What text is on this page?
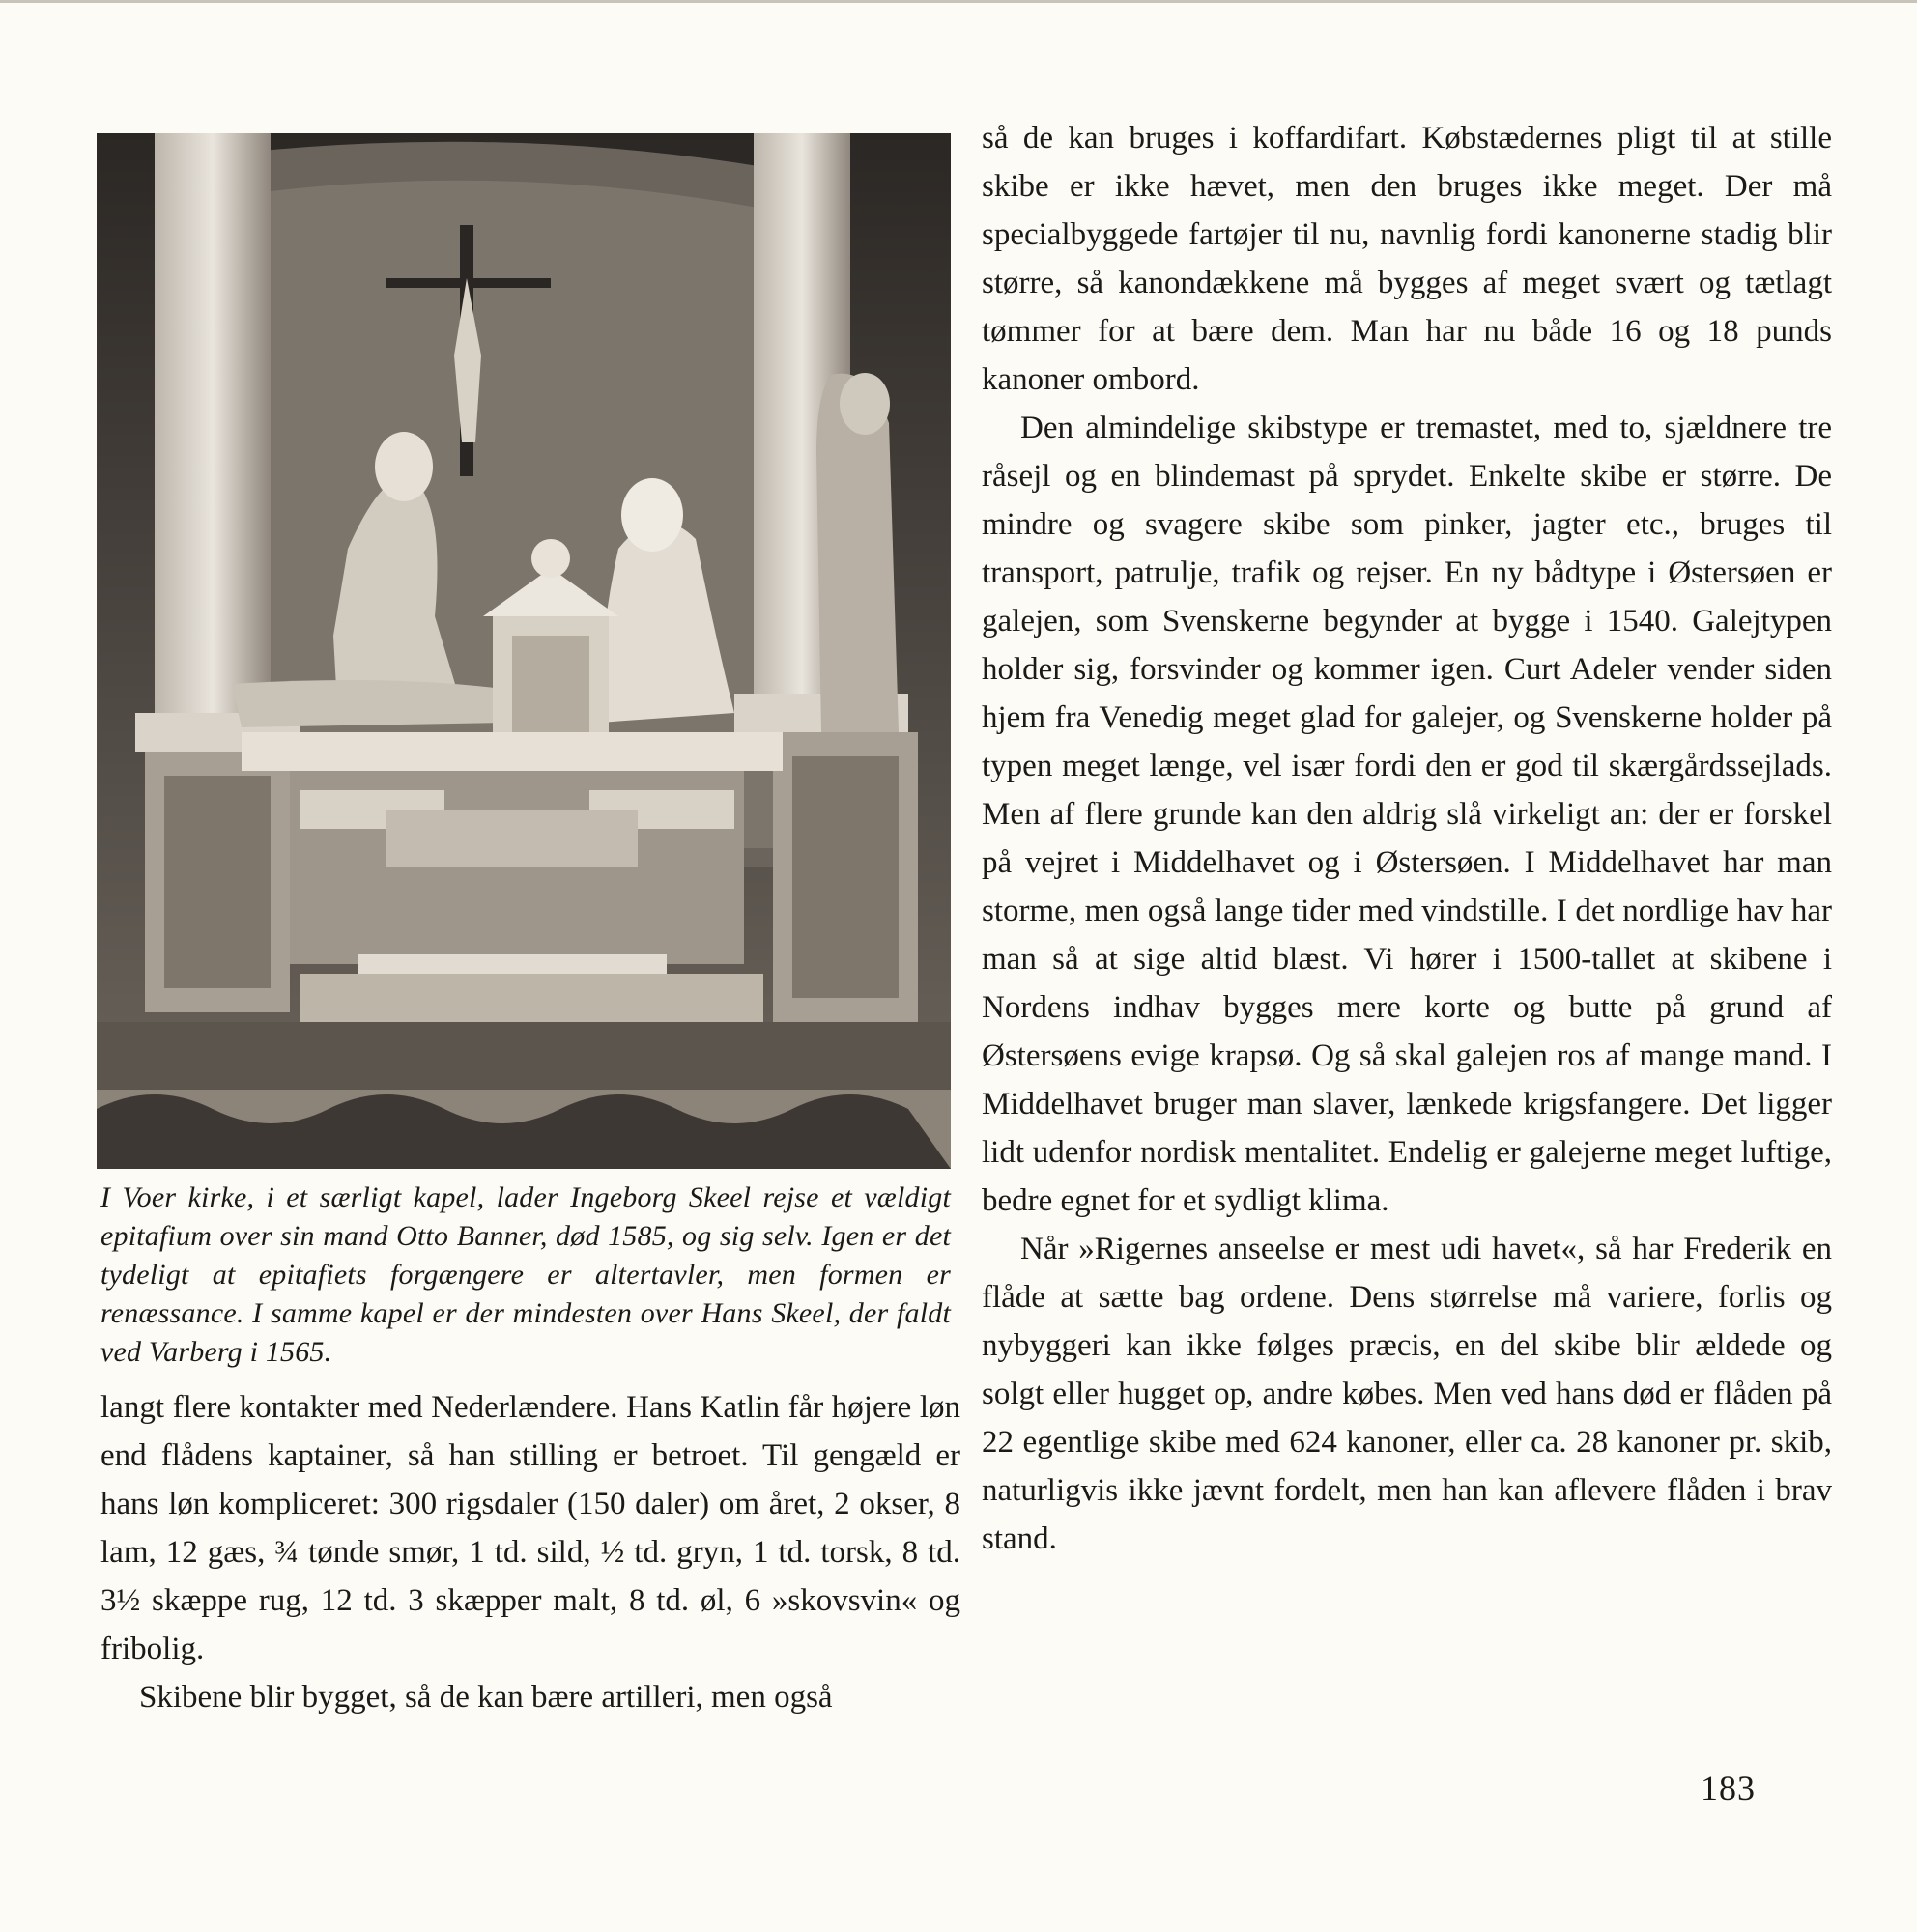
I Voer kirke, i et særligt kapel, lader Ingeborg Skeel rejse et vældigt epitafium over sin mand Otto Banner, død 1585, og sig selv. Igen er det tydeligt at epitafiets forgængere er altertavler, men formen er renæssance. I samme kapel er der mindesten over Hans Skeel, der faldt ved Varberg i 1565.

langt flere kontakter med Nederlændere. Hans Katlin får højere løn end flådens kaptainer, så han stilling er betroet. Til gengæld er hans løn kompliceret: 300 rigsdaler (150 daler) om året, 2 okser, 8 lam, 12 gæs, ¾ tønde smør, 1 td. sild, ½ td. gryn, 1 td. torsk, 8 td. 3½ skæppe rug, 12 td. 3 skæpper malt, 8 td. øl, 6 »skovsvin« og fribolig.

Skibene blir bygget, så de kan bære artilleri, men også

så de kan bruges i koffardifart. Købstædernes pligt til at stille skibe er ikke hævet, men den bruges ikke meget. Der må specialbyggede fartøjer til nu, navnlig fordi kanonerne stadig blir større, så kanondækkene må bygges af meget svært og tætlagt tømmer for at bære dem. Man har nu både 16 og 18 punds kanoner ombord.

Den almindelige skibstype er tremastet, med to, sjældnere tre råsejl og en blindemast på sprydet. Enkelte skibe er større. De mindre og svagere skibe som pinker, jagter etc., bruges til transport, patrulje, trafik og rejser. En ny bådtype i Østersøen er galejen, som Svenskerne begynder at bygge i 1540. Galejtypen holder sig, forsvinder og kommer igen. Curt Adeler vender siden hjem fra Venedig meget glad for galejer, og Svenskerne holder på typen meget længe, vel især fordi den er god til skærgårdssejlads. Men af flere grunde kan den aldrig slå virkeligt an: der er forskel på vejret i Middelhavet og i Østersøen. I Middelhavet har man storme, men også lange tider med vindstille. I det nordlige hav har man så at sige altid blæst. Vi hører i 1500-tallet at skibene i Nordens indhav bygges mere korte og butte på grund af Østersøens evige krapsø. Og så skal galejen ros af mange mand. I Middelhavet bruger man slaver, lænkede krigsfangere. Det ligger lidt udenfor nordisk mentalitet. Endelig er galejerne meget luftige, bedre egnet for et sydligt klima.

Når »Rigernes anseelse er mest udi havet«, så har Frederik en flåde at sætte bag ordene. Dens størrelse må variere, forlis og nybyggeri kan ikke følges præcis, en del skibe blir ældede og solgt eller hugget op, andre købes. Men ved hans død er flåden på 22 egentlige skibe med 624 kanoner, eller ca. 28 kanoner pr. skib, naturligvis ikke jævnt fordelt, men han kan aflevere flåden i brav stand.

183
